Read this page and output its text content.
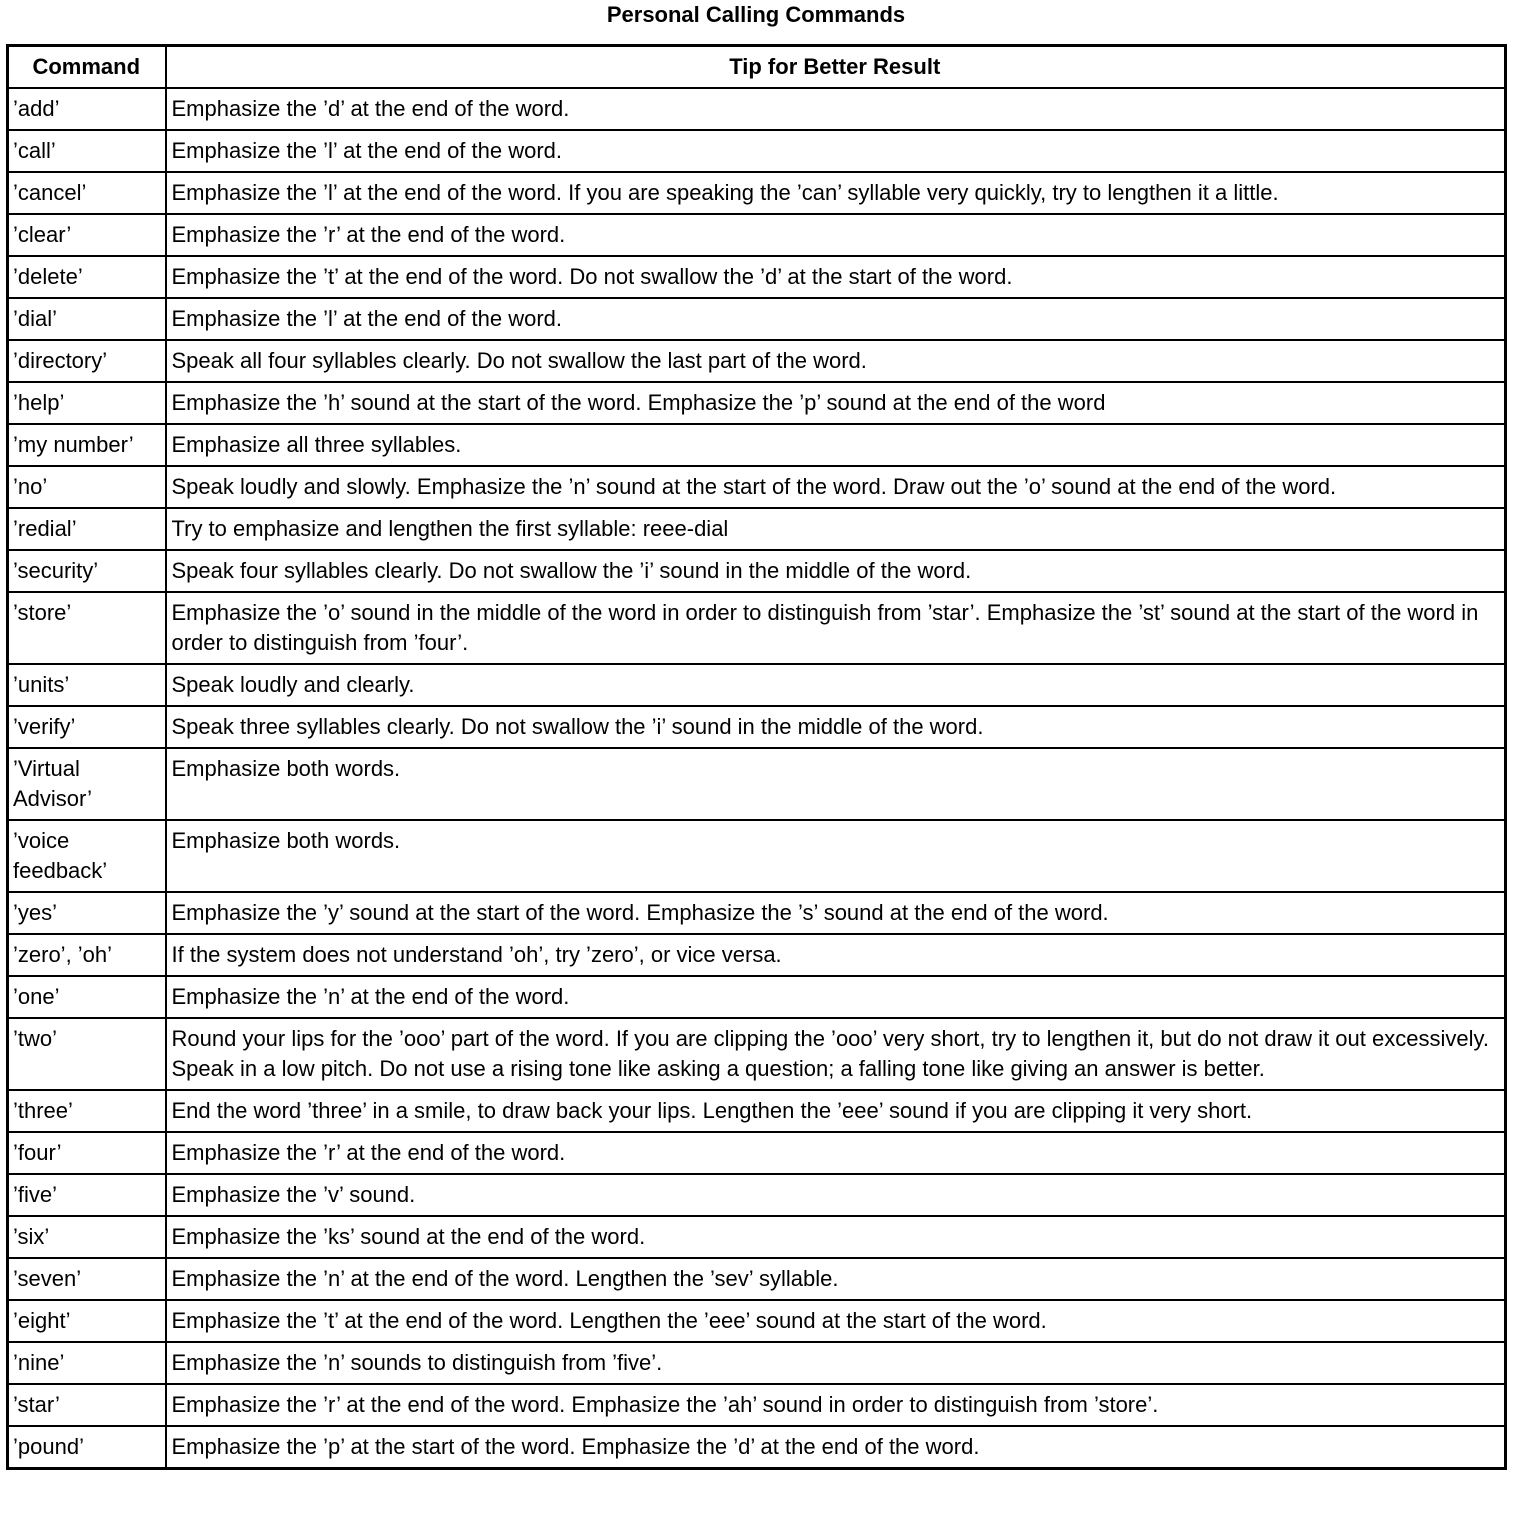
Personal Calling Commands
Command	Tip for Better Result
’add’	Emphasize the ’d’ at the end of the word.
’call’	Emphasize the ’l’ at the end of the word.
’cancel’	Emphasize the ’l’ at the end of the word. If you are speaking the ’can’ syllable very quickly, try to lengthen it a little.
’clear’	Emphasize the ’r’ at the end of the word.
’delete’	Emphasize the ’t’ at the end of the word. Do not swallow the ’d’ at the start of the word.
’dial’	Emphasize the ’l’ at the end of the word.
’directory’	Speak all four syllables clearly. Do not swallow the last part of the word.
’help’	Emphasize the ’h’ sound at the start of the word. Emphasize the ’p’ sound at the end of the word
’my number’	Emphasize all three syllables.
’no’	Speak loudly and slowly. Emphasize the ’n’ sound at the start of the word. Draw out the ’o’ sound at the end of the word.
’redial’	Try to emphasize and lengthen the first syllable: reee-dial
’security’	Speak four syllables clearly. Do not swallow the ’i’ sound in the middle of the word.
’store’	Emphasize the ’o’ sound in the middle of the word in order to distinguish from ’star’. Emphasize the ’st’ sound at the start of the word in order to distinguish from ’four’.
’units’	Speak loudly and clearly.
’verify’	Speak three syllables clearly. Do not swallow the ’i’ sound in the middle of the word.
’Virtual Advisor’	Emphasize both words.
’voice feedback’	Emphasize both words.
’yes’	Emphasize the ’y’ sound at the start of the word. Emphasize the ’s’ sound at the end of the word.
’zero’, ’oh’	If the system does not understand ’oh’, try ’zero’, or vice versa.
’one’	Emphasize the ’n’ at the end of the word.
’two’	Round your lips for the ’ooo’ part of the word. If you are clipping the ’ooo’ very short, try to lengthen it, but do not draw it out excessively. Speak in a low pitch. Do not use a rising tone like asking a question; a falling tone like giving an answer is better.
’three’	End the word ’three’ in a smile, to draw back your lips. Lengthen the ’eee’ sound if you are clipping it very short.
’four’	Emphasize the ’r’ at the end of the word.
’five’	Emphasize the ’v’ sound.
’six’	Emphasize the ’ks’ sound at the end of the word.
’seven’	Emphasize the ’n’ at the end of the word. Lengthen the ’sev’ syllable.
’eight’	Emphasize the ’t’ at the end of the word. Lengthen the ’eee’ sound at the start of the word.
’nine’	Emphasize the ’n’ sounds to distinguish from ’five’.
’star’	Emphasize the ’r’ at the end of the word. Emphasize the ’ah’ sound in order to distinguish from ’store’.
’pound’	Emphasize the ’p’ at the start of the word. Emphasize the ’d’ at the end of the word.
